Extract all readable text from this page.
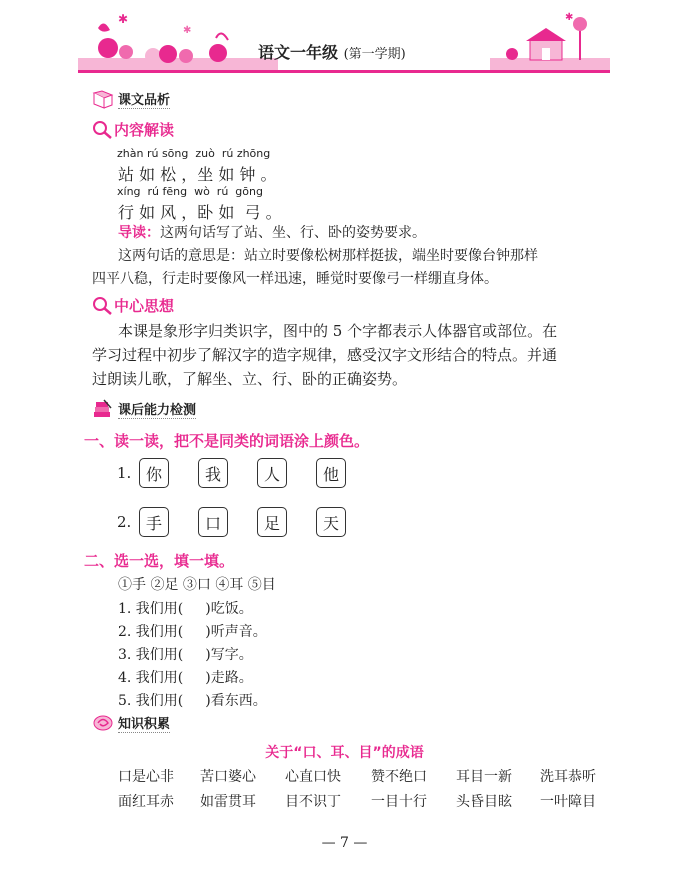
✱
✱
语文一年级 (第一学期)
✱
课文品析
内容解读
zhàn rú sōng  zuò  rú zhōng
站 如 松 ，坐 如 钟 。
xíng  rú fēng  wò  rú  gōng
行 如 风 ，卧 如  弓 。
导读：这两句话写了站、坐、行、卧的姿势要求。
这两句话的意思是：站立时要像松树那样挺拔，端坐时要像台钟那样
四平八稳，行走时要像风一样迅速，睡觉时要像弓一样绷直身体。
中心思想
本课是象形字归类识字，图中的 5 个字都表示人体器官或部位。在
学习过程中初步了解汉字的造字规律，感受汉字文形结合的特点。并通
过朗读儿歌，了解坐、立、行、卧的正确姿势。
课后能力检测
一、读一读，把不是同类的词语涂上颜色。
1. 你	我	人	他
2. 手	口	足	天
二、选一选，填一填。
①手 ②足 ③口 ④耳 ⑤目
1. 我们用( )吃饭。
2. 我们用( )听声音。
3. 我们用( )写字。
4. 我们用( )走路。
5. 我们用( )看东西。
知识积累
关于“口、耳、目”的成语
口是心非 苦口婆心 心直口快 赞不绝口 耳目一新 洗耳恭听
面红耳赤 如雷贯耳 目不识丁 一目十行 头昏目眩 一叶障目
— 7 —
